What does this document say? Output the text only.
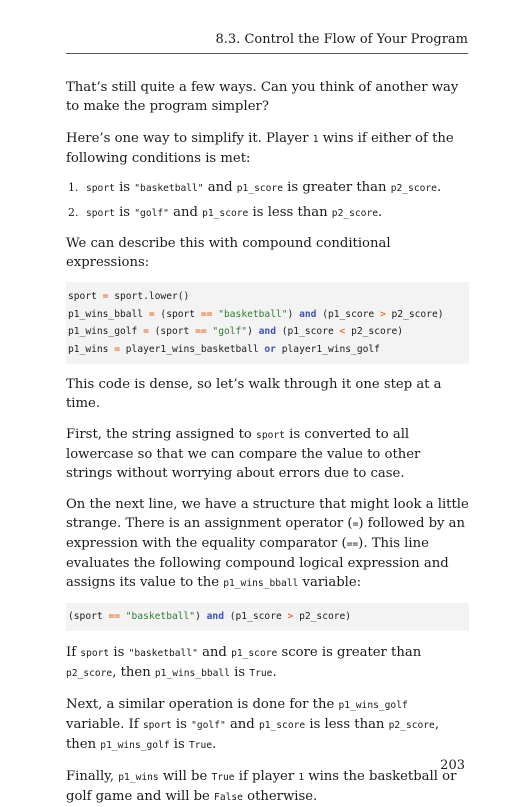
8.3. Control the Flow of Your Program

That’s still quite a few ways. Can you think of another way to make the program simpler?

Here’s one way to simplify it. Player 1 wins if either of the following conditions is met:

1. sport is "basketball" and p1_score is greater than p2_score.
2. sport is "golf" and p1_score is less than p2_score.

We can describe this with compound conditional expressions:

sport = sport.lower()
p1_wins_bball = (sport == "basketball") and (p1_score > p2_score)
p1_wins_golf = (sport == "golf") and (p1_score < p2_score)
p1_wins = player1_wins_basketball or player1_wins_golf

This code is dense, so let’s walk through it one step at a time.

First, the string assigned to sport is converted to all lowercase so that we can compare the value to other strings without worrying about errors due to case.

On the next line, we have a structure that might look a little strange. There is an assignment operator (=) followed by an expression with the equality comparator (==). This line evaluates the following compound logical expression and assigns its value to the p1_wins_bball variable:

(sport == "basketball") and (p1_score > p2_score)

If sport is "basketball" and p1_score score is greater than p2_score, then p1_wins_bball is True.

Next, a similar operation is done for the p1_wins_golf variable. If sport is "golf" and p1_score is less than p2_score, then p1_wins_golf is True.

Finally, p1_wins will be True if player 1 wins the basketball or golf game and will be False otherwise.

203
